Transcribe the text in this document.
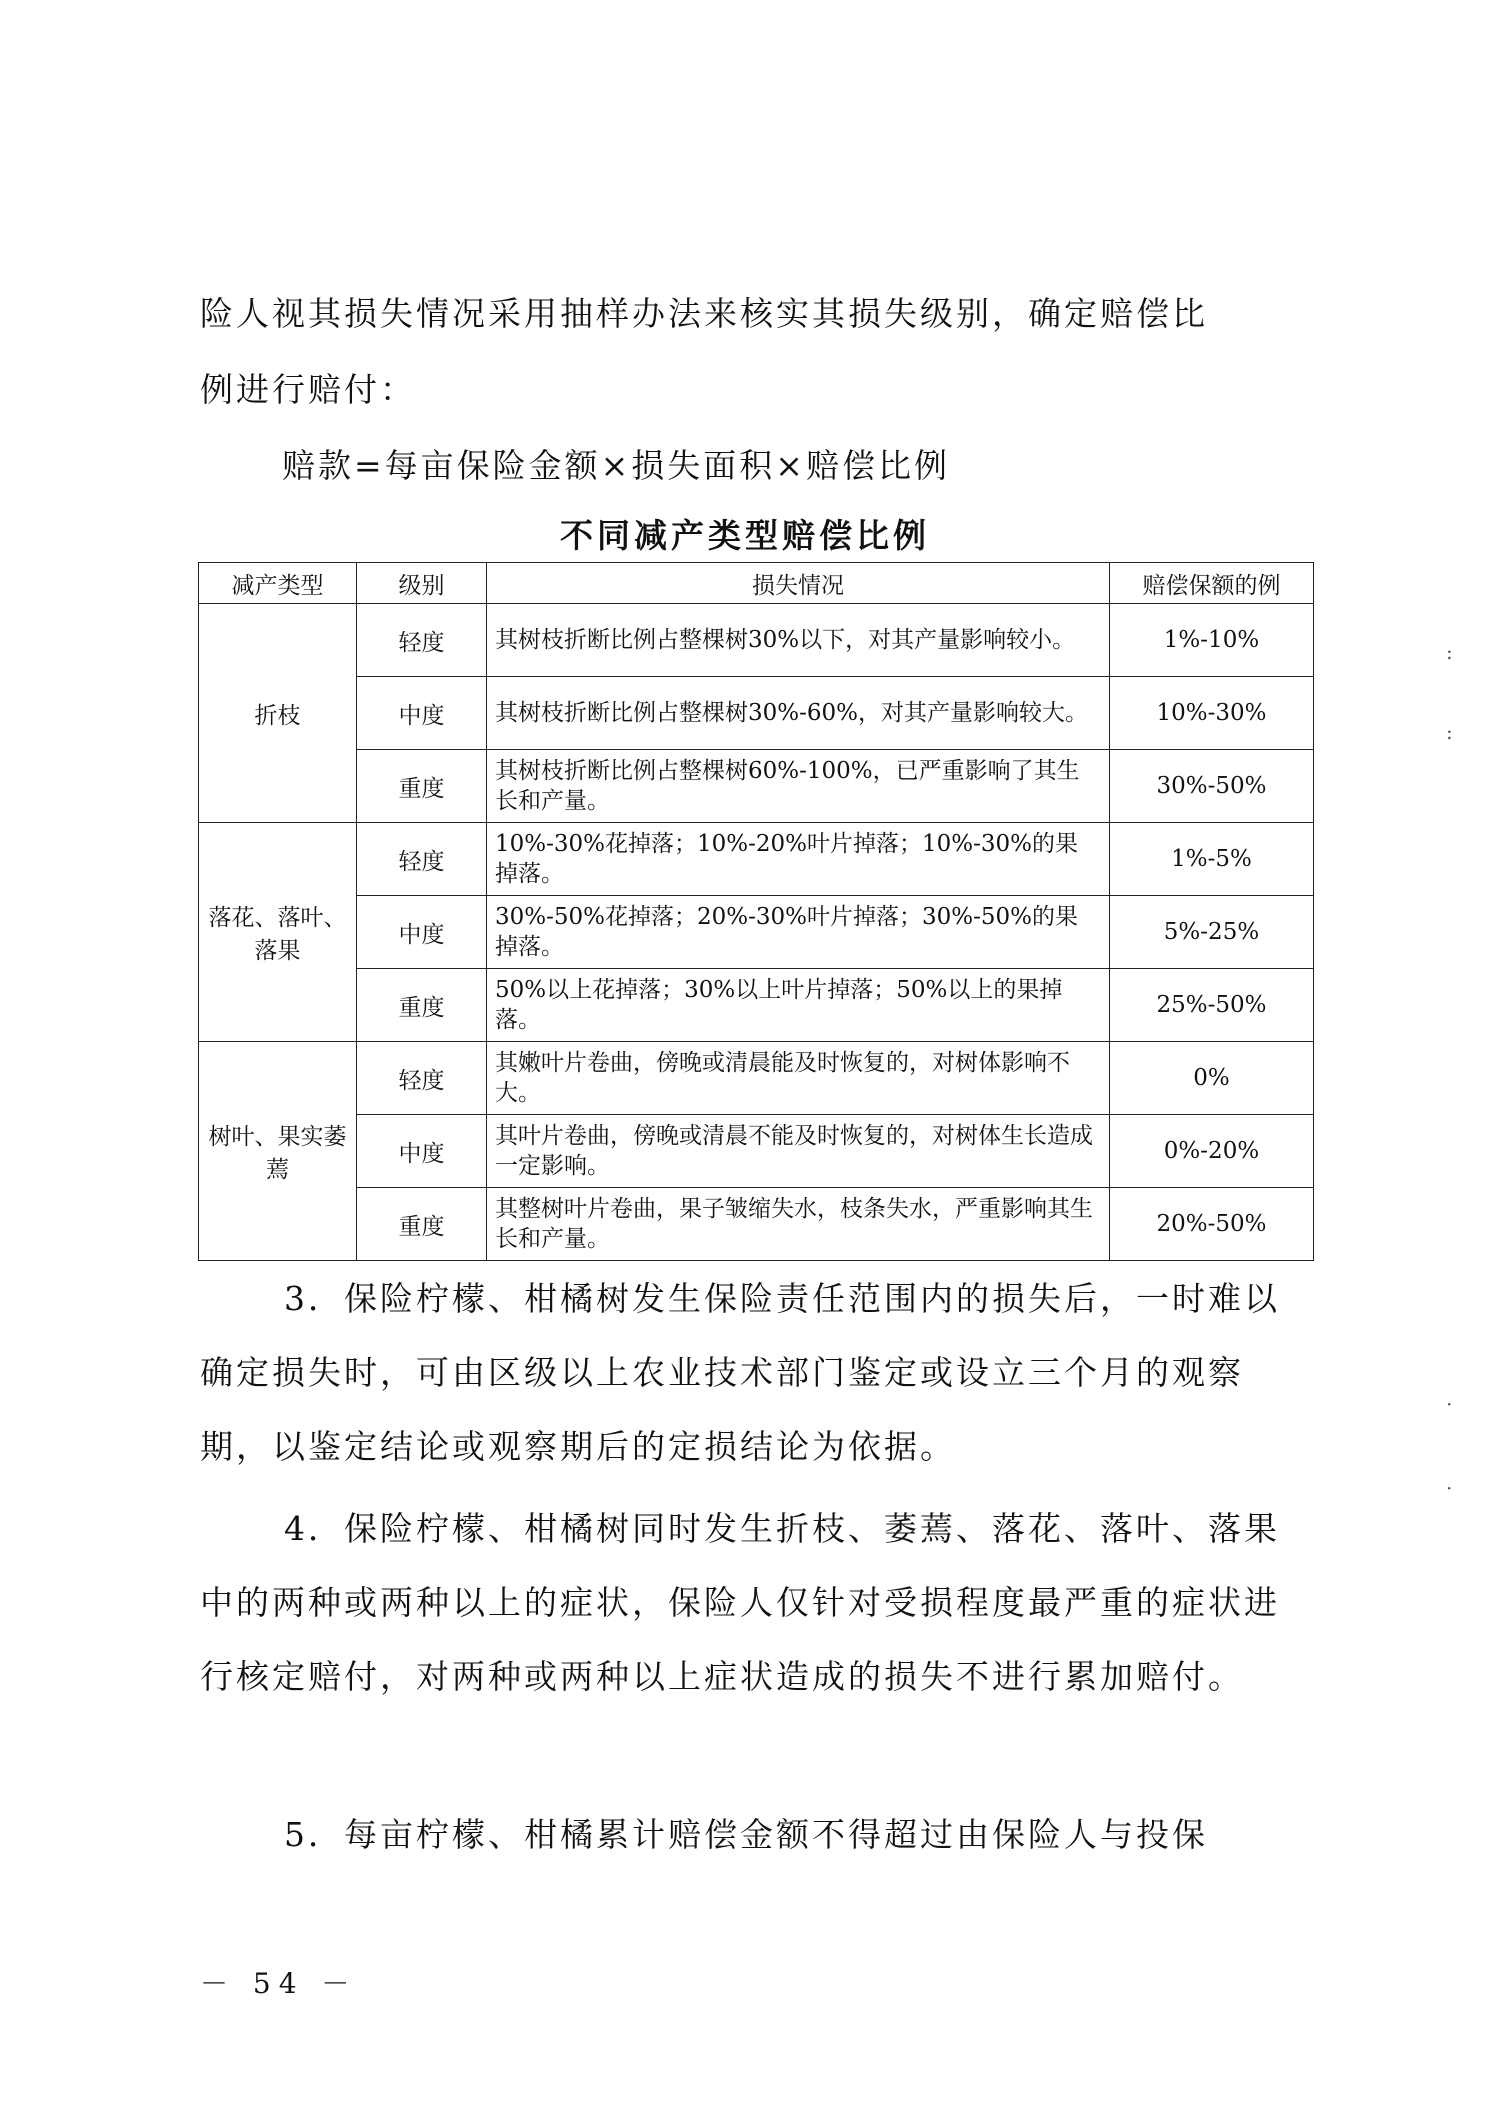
险人视其损失情况采用抽样办法来核实其损失级别，确定赔偿比
例进行赔付：
赔款=每亩保险金额×损失面积×赔偿比例
不同减产类型赔偿比例
减产类型	级别	损失情况	赔偿保额的例
折枝	轻度	其树枝折断比例占整棵树30%以下，对其产量影响较小。	1%-10%
	中度	其树枝折断比例占整棵树30%-60%，对其产量影响较大。	10%-30%
	重度	其树枝折断比例占整棵树60%-100%，已严重影响了其生长和产量。	30%-50%
落花、落叶、落果	轻度	10%-30%花掉落；10%-20%叶片掉落；10%-30%的果掉落。	1%-5%
	中度	30%-50%花掉落；20%-30%叶片掉落；30%-50%的果掉落。	5%-25%
	重度	50%以上花掉落；30%以上叶片掉落；50%以上的果掉落。	25%-50%
树叶、果实萎蔫	轻度	其嫩叶片卷曲，傍晚或清晨能及时恢复的，对树体影响不大。	0%
	中度	其叶片卷曲，傍晚或清晨不能及时恢复的，对树体生长造成一定影响。	0%-20%
	重度	其整树叶片卷曲，果子皱缩失水，枝条失水，严重影响其生长和产量。	20%-50%

3．保险柠檬、柑橘树发生保险责任范围内的损失后，一时难以确定损失时，可由区级以上农业技术部门鉴定或设立三个月的观察期，以鉴定结论或观察期后的定损结论为依据。

4．保险柠檬、柑橘树同时发生折枝、萎蔫、落花、落叶、落果中的两种或两种以上的症状，保险人仅针对受损程度最严重的症状进行核定赔付，对两种或两种以上症状造成的损失不进行累加赔付。

5．每亩柠檬、柑橘累计赔偿金额不得超过由保险人与投保

－ 54 －
:
:
·
·
